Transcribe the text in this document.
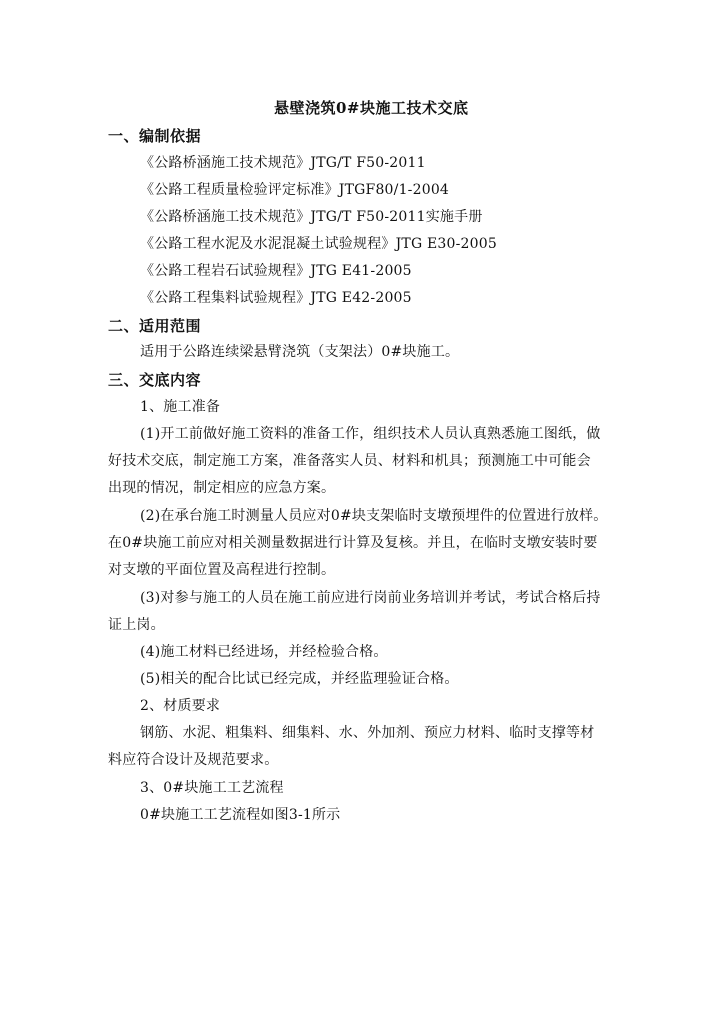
悬壁浇筑0#块施工技术交底
一、编制依据
《公路桥涵施工技术规范》JTG/T F50-2011
《公路工程质量检验评定标准》JTGF80/1-2004
《公路桥涵施工技术规范》JTG/T F50-2011实施手册
《公路工程水泥及水泥混凝土试验规程》JTG E30-2005
《公路工程岩石试验规程》JTG E41-2005
《公路工程集料试验规程》JTG E42-2005
二、适用范围
适用于公路连续梁悬臂浇筑（支架法）0#块施工。
三、交底内容
1、施工准备
(1)开工前做好施工资料的准备工作，组织技术人员认真熟悉施工图纸，做
好技术交底，制定施工方案，准备落实人员、材料和机具；预测施工中可能会
出现的情况，制定相应的应急方案。
(2)在承台施工时测量人员应对0#块支架临时支墩预埋件的位置进行放样。
在0#块施工前应对相关测量数据进行计算及复核。并且，在临时支墩安装时要
对支墩的平面位置及高程进行控制。
(3)对参与施工的人员在施工前应进行岗前业务培训并考试，考试合格后持
证上岗。
(4)施工材料已经进场，并经检验合格。
(5)相关的配合比试已经完成，并经监理验证合格。
2、材质要求
钢筋、水泥、粗集料、细集料、水、外加剂、预应力材料、临时支撑等材
料应符合设计及规范要求。
3、0#块施工工艺流程
0#块施工工艺流程如图3-1所示
